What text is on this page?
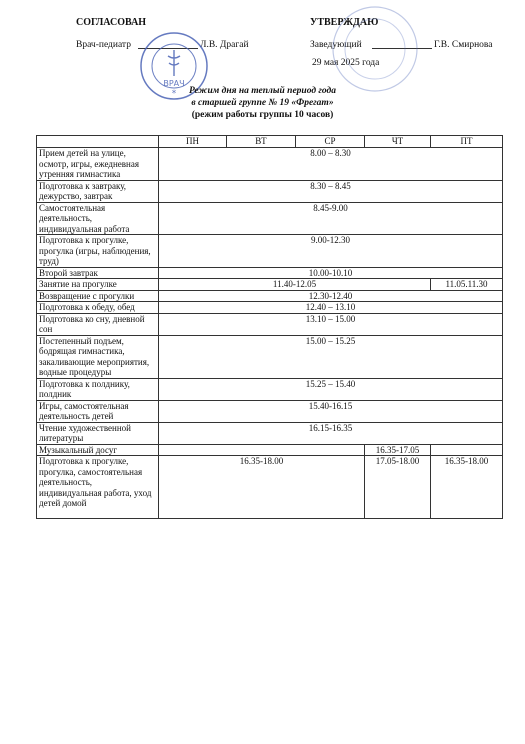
СОГЛАСОВАН
Врач-педиатр	Л.В. Драгай
ВРАЧ
*
УТВЕРЖДАЮ
Заведующий	Г.В. Смирнова
29 мая 2025 года
Режим дня на теплый период года
в старшей группе № 19 «Фрегат»
(режим работы группы 10 часов)
	ПН	ВТ	СР	ЧТ	ПТ
Прием детей на улице, осмотр, игры, ежедневная утренняя гимнастика	8.00 – 8.30				
Подготовка к завтраку, дежурство, завтрак	8.30 – 8.45				
Самостоятельная деятельность, индивидуальная работа	8.45-9.00				
Подготовка к прогулке, прогулка (игры, наблюдения, труд)	9.00-12.30				
Второй завтрак	10.00-10.10				
Занятие на прогулке	11.40-12.05				11.05.11.30
Возвращение с прогулки	12.30-12.40				
Подготовка к обеду, обед	12.40 – 13.10				
Подготовка ко сну, дневной сон	13.10 – 15.00				
Постепенный подъем, бодрящая гимнастика, закаливающие мероприятия, водные процедуры	15.00 – 15.25				
Подготовка к полднику, полдник	15.25 – 15.40				
Игры, самостоятельная деятельность детей	15.40-16.15				
Чтение художественной литературы	16.15-16.35				
Музыкальный досуг				16.35-17.05	
Подготовка к прогулке, прогулка, самостоятельная деятельность, индивидуальная работа, уход детей домой	16.35-18.00			17.05-18.00	16.35-18.00
